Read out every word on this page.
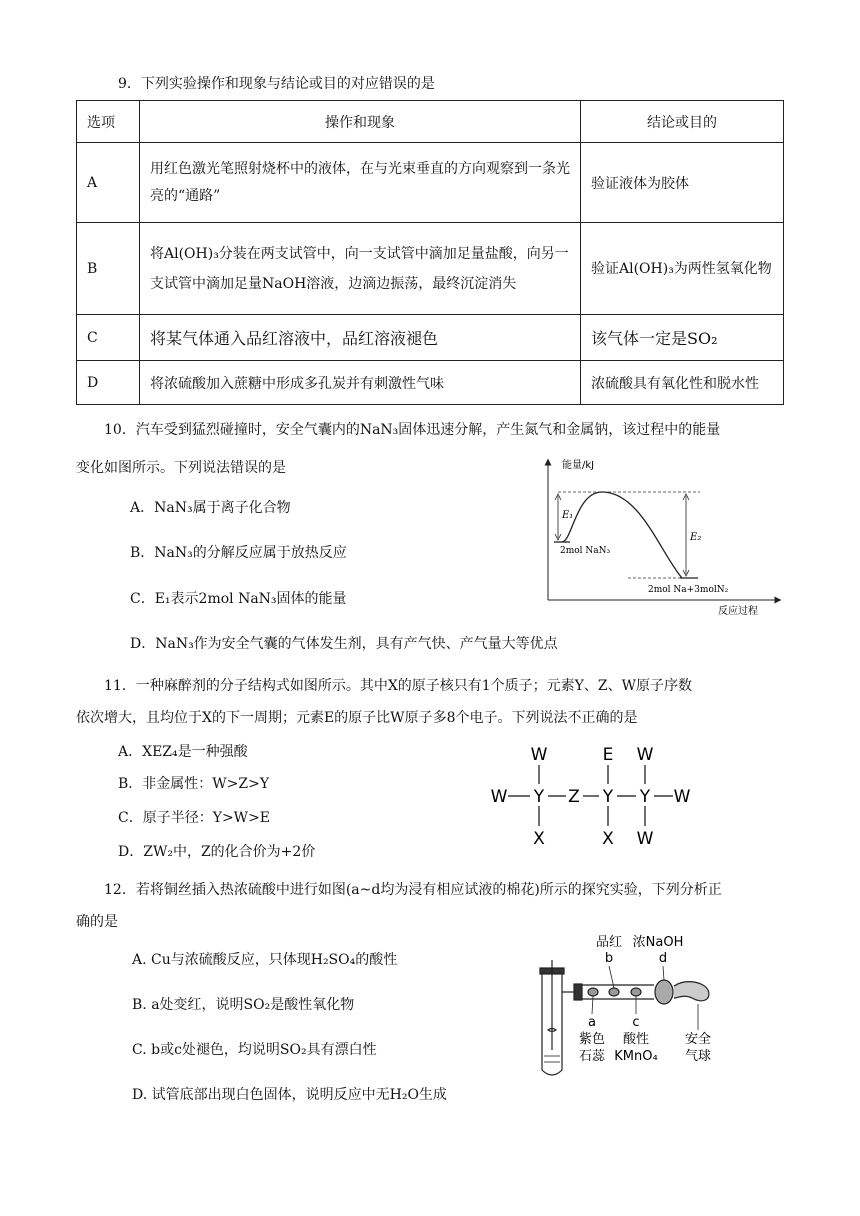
9．下列实验操作和现象与结论或目的对应错误的是
选项	操作和现象	结论或目的
A	用红色激光笔照射烧杯中的液体，在与光束垂直的方向观察到一条光亮的“通路”	验证液体为胶体
B	将Al(OH)₃分装在两支试管中，向一支试管中滴加足量盐酸，向另一支试管中滴加足量NaOH溶液，边滴边振荡，最终沉淀消失	验证Al(OH)₃为两性氢氧化物
C	将某气体通入品红溶液中，品红溶液褪色	该气体一定是SO₂
D	将浓硫酸加入蔗糖中形成多孔炭并有刺激性气味	浓硫酸具有氧化性和脱水性
10．汽车受到猛烈碰撞时，安全气囊内的NaN₃固体迅速分解，产生氮气和金属钠，该过程中的能量
变化如图所示。下列说法错误的是
A．NaN₃属于离子化合物
B．NaN₃的分解反应属于放热反应
C．E₁表示2mol NaN₃固体的能量
D．NaN₃作为安全气囊的气体发生剂，具有产气快、产气量大等优点
能量/kJ
反应过程
E₁
E₂
2mol NaN₃
2mol Na+3molN₂
11．一种麻醉剂的分子结构式如图所示。其中X的原子核只有1个质子；元素Y、Z、W原子序数
依次增大，且均位于X的下一周期；元素E的原子比W原子多8个电子。下列说法不正确的是
A．XEZ₄是一种强酸
B．非金属性：W>Z>Y
C．原子半径：Y>W>E
D．ZW₂中，Z的化合价为+2价
W	E W
W Y Z Y Y W
X	X W
12．若将铜丝插入热浓硫酸中进行如图(a~d均为浸有相应试液的棉花)所示的探究实验，下列分析正
确的是
A. Cu与浓硫酸反应，只体现H₂SO₄的酸性
B. a处变红，说明SO₂是酸性氧化物
C. b或c处褪色，均说明SO₂具有漂白性
D. 试管底部出现白色固体，说明反应中无H₂O生成
品红 浓NaOH
b	d
a	c
紫色
石蕊
酸性
KMnO₄
安全
气球
